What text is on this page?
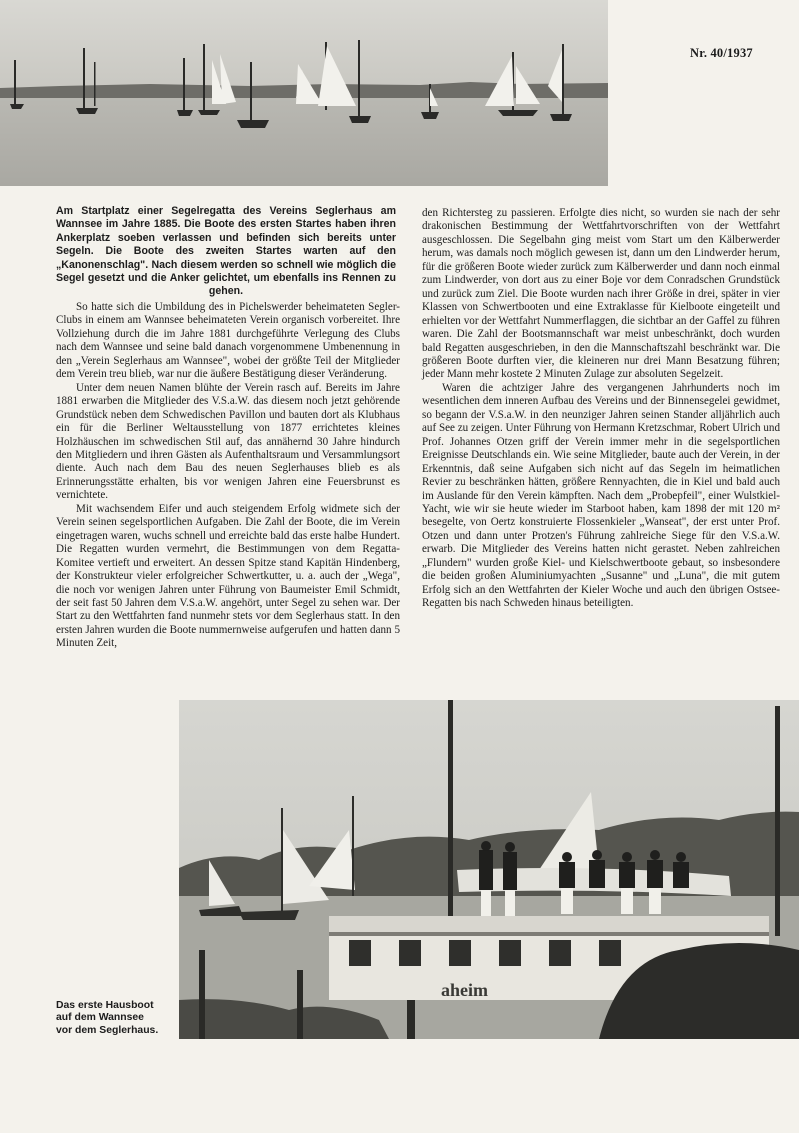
Nr. 40/1937
Am Startplatz einer Segelregatta des Vereins Seglerhaus am Wannsee im Jahre 1885. Die Boote des ersten Startes haben ihren Ankerplatz soeben verlassen und befinden sich bereits unter Segeln. Die Boote des zweiten Startes warten auf den „Kanonenschlag". Nach diesem werden so schnell wie möglich die Segel gesetzt und die Anker gelichtet, um ebenfalls ins Rennen zu gehen.

So hatte sich die Umbildung des in Pichelswerder beheimateten Segler-Clubs in einem am Wannsee beheimateten Verein organisch vorbereitet. Ihre Vollziehung durch die im Jahre 1881 durchgeführte Verlegung des Clubs nach dem Wannsee und seine bald danach vorgenommene Umbenennung in den „Verein Seglerhaus am Wannsee", wobei der größte Teil der Mitglieder dem Verein treu blieb, war nur die äußere Bestätigung dieser Veränderung.

Unter dem neuen Namen blühte der Verein rasch auf. Bereits im Jahre 1881 erwarben die Mitglieder des V.S.a.W. das diesem noch jetzt gehörende Grundstück neben dem Schwedischen Pavillon und bauten dort als Klubhaus ein für die Berliner Weltausstellung von 1877 errichtetes kleines Holzhäuschen im schwedischen Stil auf, das annähernd 30 Jahre hindurch den Mitgliedern und ihren Gästen als Aufenthaltsraum und Versammlungsort diente. Auch nach dem Bau des neuen Seglerhauses blieb es als Erinnerungsstätte erhalten, bis vor wenigen Jahren eine Feuersbrunst es vernichtete.

Mit wachsendem Eifer und auch steigendem Erfolg widmete sich der Verein seinen segelsportlichen Aufgaben. Die Zahl der Boote, die im Verein eingetragen waren, wuchs schnell und erreichte bald das erste halbe Hundert. Die Regatten wurden vermehrt, die Bestimmungen von dem Regatta-Komitee vertieft und erweitert. An dessen Spitze stand Kapitän Hindenberg, der Konstrukteur vieler erfolgreicher Schwertkutter, u. a. auch der „Wega", die noch vor wenigen Jahren unter Führung von Baumeister Emil Schmidt, der seit fast 50 Jahren dem V.S.a.W. angehört, unter Segel zu sehen war. Der Start zu den Wettfahrten fand nunmehr stets vor dem Seglerhaus statt. In den ersten Jahren wurden die Boote nummernweise aufgerufen und hatten dann 5 Minuten Zeit,

den Richtersteg zu passieren. Erfolgte dies nicht, so wurden sie nach der sehr drakonischen Bestimmung der Wettfahrtvorschriften von der Wettfahrt ausgeschlossen. Die Segelbahn ging meist vom Start um den Kälberwerder herum, was damals noch möglich gewesen ist, dann um den Lindwerder herum, für die größeren Boote wieder zurück zum Kälberwerder und dann noch einmal zum Lindwerder, von dort aus zu einer Boje vor dem Conradschen Grundstück und zurück zum Ziel. Die Boote wurden nach ihrer Größe in drei, später in vier Klassen von Schwertbooten und eine Extraklasse für Kielboote eingeteilt und erhielten vor der Wettfahrt Nummerflaggen, die sichtbar an der Gaffel zu führen waren. Die Zahl der Bootsmannschaft war meist unbeschränkt, doch wurden bald Regatten ausgeschrieben, in den die Mannschaftszahl beschränkt war. Die größeren Boote durften vier, die kleineren nur drei Mann Besatzung führen; jeder Mann mehr kostete 2 Minuten Zulage zur absoluten Segelzeit.

Waren die achtziger Jahre des vergangenen Jahrhunderts noch im wesentlichen dem inneren Aufbau des Vereins und der Binnensegelei gewidmet, so begann der V.S.a.W. in den neunziger Jahren seinen Stander alljährlich auch auf See zu zeigen. Unter Führung von Hermann Kretzschmar, Robert Ulrich und Prof. Johannes Otzen griff der Verein immer mehr in die segelsportlichen Ereignisse Deutschlands ein. Wie seine Mitglieder, baute auch der Verein, in der Erkenntnis, daß seine Aufgaben sich nicht auf das Segeln im heimatlichen Revier zu beschränken hätten, größere Rennyachten, die in Kiel und bald auch im Auslande für den Verein kämpften. Nach dem „Probepfeil", einer Wulstkiel-Yacht, wie wir sie heute wieder im Starboot haben, kam 1898 der mit 120 m² besegelte, von Oertz konstruierte Flossenkieler „Wanseat", der erst unter Prof. Otzen und dann unter Protzen's Führung zahlreiche Siege für den V.S.a.W. erwarb. Die Mitglieder des Vereins hatten nicht gerastet. Neben zahlreichen „Flundern" wurden große Kiel- und Kielschwertboote gebaut, so insbesondere die beiden großen Aluminiumyachten „Susanne" und „Luna", die mit gutem Erfolg sich an den Wettfahrten der Kieler Woche und auch den übrigen Ostsee-Regatten bis nach Schweden hinaus beteiligten.

aheim
Das erste Hausboot
auf dem Wannsee
vor dem Seglerhaus.
